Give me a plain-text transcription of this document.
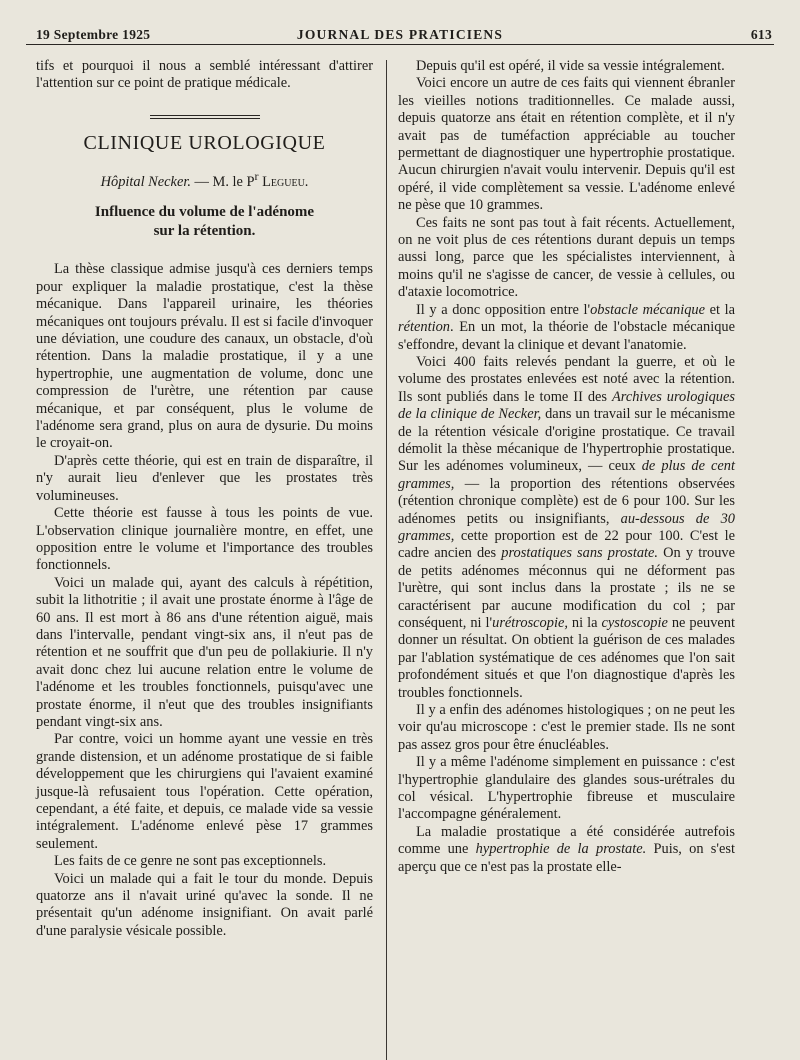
19 Septembre 1925	JOURNAL DES PRATICIENS	613

tifs et pourquoi il nous a semblé intéressant d'attirer l'attention sur ce point de pratique médicale.

CLINIQUE UROLOGIQUE
Hôpital Necker. — M. le $P^r$ Legueu.
Influence du volume de l'adénome
sur la rétention.

La thèse classique admise jusqu'à ces derniers temps pour expliquer la maladie prostatique, c'est la thèse mécanique. Dans l'appareil urinaire, les théories mécaniques ont toujours prévalu. Il est si facile d'invoquer une déviation, une coudure des canaux, un obstacle, d'où rétention. Dans la maladie prostatique, il y a une hypertrophie, une augmentation de volume, donc une compression de l'urètre, une rétention par cause mécanique, et par conséquent, plus le volume de l'adénome sera grand, plus on aura de dysurie. Du moins le croyait-on.

D'après cette théorie, qui est en train de disparaître, il n'y aurait lieu d'enlever que les prostates très volumineuses.

Cette théorie est fausse à tous les points de vue. L'observation clinique journalière montre, en effet, une opposition entre le volume et l'importance des troubles fonctionnels.

Voici un malade qui, ayant des calculs à répétition, subit la lithotritie ; il avait une prostate énorme à l'âge de 60 ans. Il est mort à 86 ans d'une rétention aiguë, mais dans l'intervalle, pendant vingt-six ans, il n'eut pas de rétention et ne souffrit que d'un peu de pollakiurie. Il n'y avait donc chez lui aucune relation entre le volume de l'adénome et les troubles fonctionnels, puisqu'avec une prostate énorme, il n'eut que des troubles insignifiants pendant vingt-six ans.

Par contre, voici un homme ayant une vessie en très grande distension, et un adénome prostatique de si faible développement que les chirurgiens qui l'avaient examiné jusque-là refusaient tous l'opération. Cette opération, cependant, a été faite, et depuis, ce malade vide sa vessie intégralement. L'adénome enlevé pèse 17 grammes seulement.

Les faits de ce genre ne sont pas exceptionnels.

Voici un malade qui a fait le tour du monde. Depuis quatorze ans il n'avait uriné qu'avec la sonde. Il ne présentait qu'un adénome insignifiant. On avait parlé d'une paralysie vésicale possible.

Depuis qu'il est opéré, il vide sa vessie intégralement.

Voici encore un autre de ces faits qui viennent ébranler les vieilles notions traditionnelles. Ce malade aussi, depuis quatorze ans était en rétention complète, et il n'y avait pas de tuméfaction appréciable au toucher permettant de diagnostiquer une hypertrophie prostatique. Aucun chirurgien n'avait voulu intervenir. Depuis qu'il est opéré, il vide complètement sa vessie. L'adénome enlevé ne pèse que 10 grammes.

Ces faits ne sont pas tout à fait récents. Actuellement, on ne voit plus de ces rétentions durant depuis un temps aussi long, parce que les spécialistes interviennent, à moins qu'il ne s'agisse de cancer, de vessie à cellules, ou d'ataxie locomotrice.

Il y a donc opposition entre l'obstacle mécanique et la rétention. En un mot, la théorie de l'obstacle mécanique s'effondre, devant la clinique et devant l'anatomie.

Voici 400 faits relevés pendant la guerre, et où le volume des prostates enlevées est noté avec la rétention. Ils sont publiés dans le tome II des Archives urologiques de la clinique de Necker, dans un travail sur le mécanisme de la rétention vésicale d'origine prostatique. Ce travail démolit la thèse mécanique de l'hypertrophie prostatique. Sur les adénomes volumineux, — ceux de plus de cent grammes, — la proportion des rétentions observées (rétention chronique complète) est de 6 pour 100. Sur les adénomes petits ou insignifiants, au-dessous de 30 grammes, cette proportion est de 22 pour 100. C'est le cadre ancien des prostatiques sans prostate. On y trouve de petits adénomes méconnus qui ne déforment pas l'urètre, qui sont inclus dans la prostate ; ils ne se caractérisent par aucune modification du col ; par conséquent, ni l'urétroscopie, ni la cystoscopie ne peuvent donner un résultat. On obtient la guérison de ces malades par l'ablation systématique de ces adénomes que l'on sait profondément situés et que l'on diagnostique d'après les troubles fonctionnels.

Il y a enfin des adénomes histologiques ; on ne peut les voir qu'au microscope : c'est le premier stade. Ils ne sont pas assez gros pour être énucléables.

Il y a même l'adénome simplement en puissance : c'est l'hypertrophie glandulaire des glandes sous-urétrales du col vésical. L'hypertrophie fibreuse et musculaire l'accompagne généralement.

La maladie prostatique a été considérée autrefois comme une hypertrophie de la prostate. Puis, on s'est aperçu que ce n'est pas la prostate elle-
